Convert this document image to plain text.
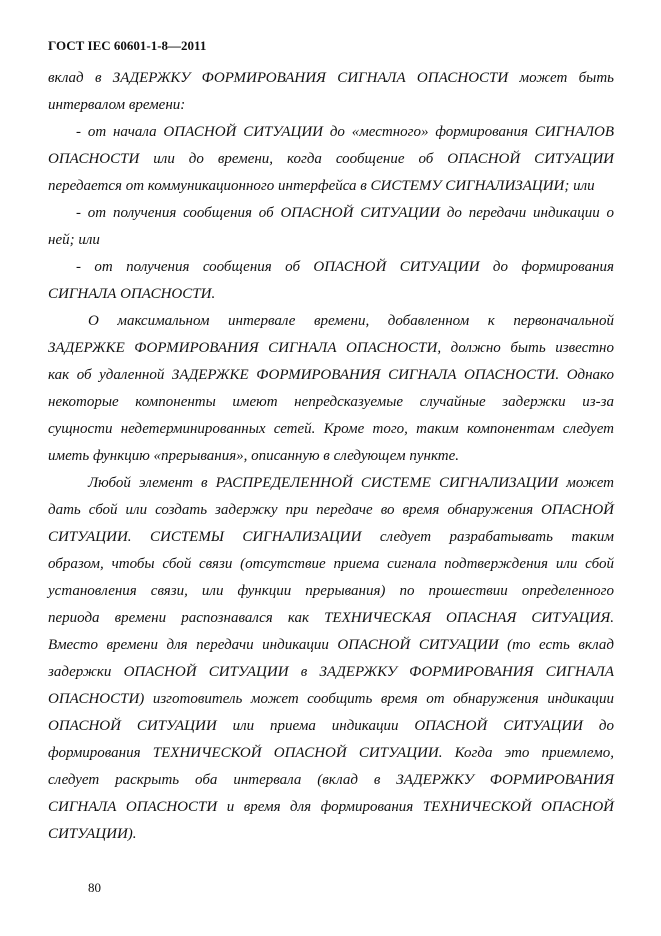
ГОСТ IEC 60601-1-8—2011
вклад в ЗАДЕРЖКУ ФОРМИРОВАНИЯ СИГНАЛА ОПАСНОСТИ может быть
интервалом времени:
- от начала ОПАСНОЙ СИТУАЦИИ до «местного» формирования СИГНАЛОВ
ОПАСНОСТИ или до времени, когда сообщение об ОПАСНОЙ СИТУАЦИИ
передается от коммуникационного интерфейса в СИСТЕМУ СИГНАЛИЗАЦИИ; или
- от получения сообщения об ОПАСНОЙ СИТУАЦИИ до передачи индикации о
ней; или
- от получения сообщения об ОПАСНОЙ СИТУАЦИИ до формирования
СИГНАЛА ОПАСНОСТИ.
О максимальном интервале времени, добавленном к первоначальной
ЗАДЕРЖКЕ ФОРМИРОВАНИЯ СИГНАЛА ОПАСНОСТИ, должно быть известно
как об удаленной ЗАДЕРЖКЕ ФОРМИРОВАНИЯ СИГНАЛА ОПАСНОСТИ. Однако
некоторые компоненты имеют непредсказуемые случайные задержки из-за
сущности недетерминированных сетей. Кроме того, таким компонентам следует
иметь функцию «прерывания», описанную в следующем пункте.
Любой элемент в РАСПРЕДЕЛЕННОЙ СИСТЕМЕ СИГНАЛИЗАЦИИ может
дать сбой или создать задержку при передаче во время обнаружения ОПАСНОЙ
СИТУАЦИИ. СИСТЕМЫ СИГНАЛИЗАЦИИ следует разрабатывать таким
образом, чтобы сбой связи (отсутствие приема сигнала подтверждения или сбой
установления связи, или функции прерывания) по прошествии определенного
периода времени распознавался как ТЕХНИЧЕСКАЯ ОПАСНАЯ СИТУАЦИЯ.
Вместо времени для передачи индикации ОПАСНОЙ СИТУАЦИИ (то есть вклад
задержки ОПАСНОЙ СИТУАЦИИ в ЗАДЕРЖКУ ФОРМИРОВАНИЯ СИГНАЛА
ОПАСНОСТИ) изготовитель может сообщить время от обнаружения индикации
ОПАСНОЙ СИТУАЦИИ или приема индикации ОПАСНОЙ СИТУАЦИИ до
формирования ТЕХНИЧЕСКОЙ ОПАСНОЙ СИТУАЦИИ. Когда это приемлемо,
следует раскрыть оба интервала (вклад в ЗАДЕРЖКУ ФОРМИРОВАНИЯ
СИГНАЛА ОПАСНОСТИ и время для формирования ТЕХНИЧЕСКОЙ ОПАСНОЙ
СИТУАЦИИ).
80
